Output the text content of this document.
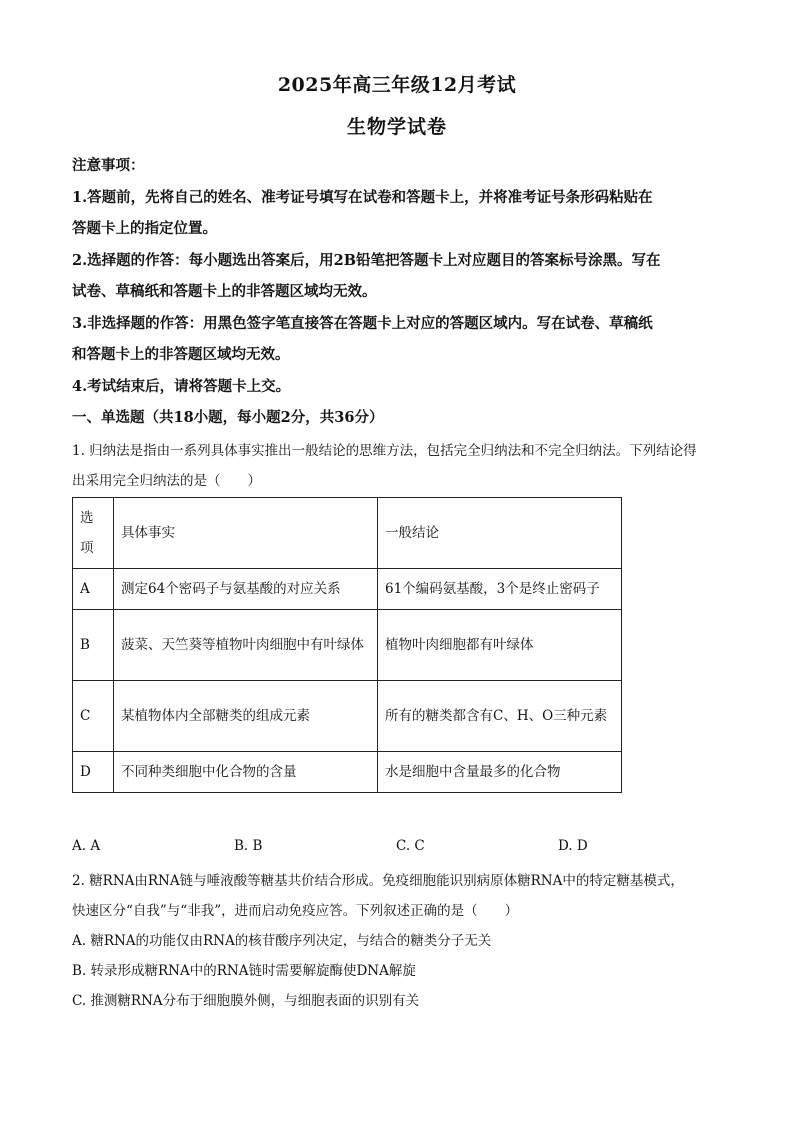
2025年高三年级12月考试
生物学试卷

注意事项：

1.答题前，先将自己的姓名、准考证号填写在试卷和答题卡上，并将准考证号条形码粘贴在

答题卡上的指定位置。

2.选择题的作答：每小题选出答案后，用2B铅笔把答题卡上对应题目的答案标号涂黑。写在

试卷、草稿纸和答题卡上的非答题区域均无效。

3.非选择题的作答：用黑色签字笔直接答在答题卡上对应的答题区域内。写在试卷、草稿纸

和答题卡上的非答题区域均无效。

4.考试结束后，请将答题卡上交。

一、单选题（共18小题，每小题2分，共36分）

1. 归纳法是指由一系列具体事实推出一般结论的思维方法，包括完全归纳法和不完全归纳法。下列结论得

出采用完全归纳法的是（　　）

选项	具体事实	一般结论
A	测定64个密码子与氨基酸的对应关系	61个编码氨基酸，3个是终止密码子
B	菠菜、天竺葵等植物叶肉细胞中有叶绿体	植物叶肉细胞都有叶绿体
C	某植物体内全部糖类的组成元素	所有的糖类都含有C、H、O三种元素
D	不同种类细胞中化合物的含量	水是细胞中含量最多的化合物
A. A	B. B	C. C	D. D

2. 糖RNA由RNA链与唾液酸等糖基共价结合形成。免疫细胞能识别病原体糖RNA中的特定糖基模式，

快速区分“自我”与“非我”，进而启动免疫应答。下列叙述正确的是（　　）

A. 糖RNA的功能仅由RNA的核苷酸序列决定，与结合的糖类分子无关

B. 转录形成糖RNA中的RNA链时需要解旋酶使DNA解旋

C. 推测糖RNA分布于细胞膜外侧，与细胞表面的识别有关
